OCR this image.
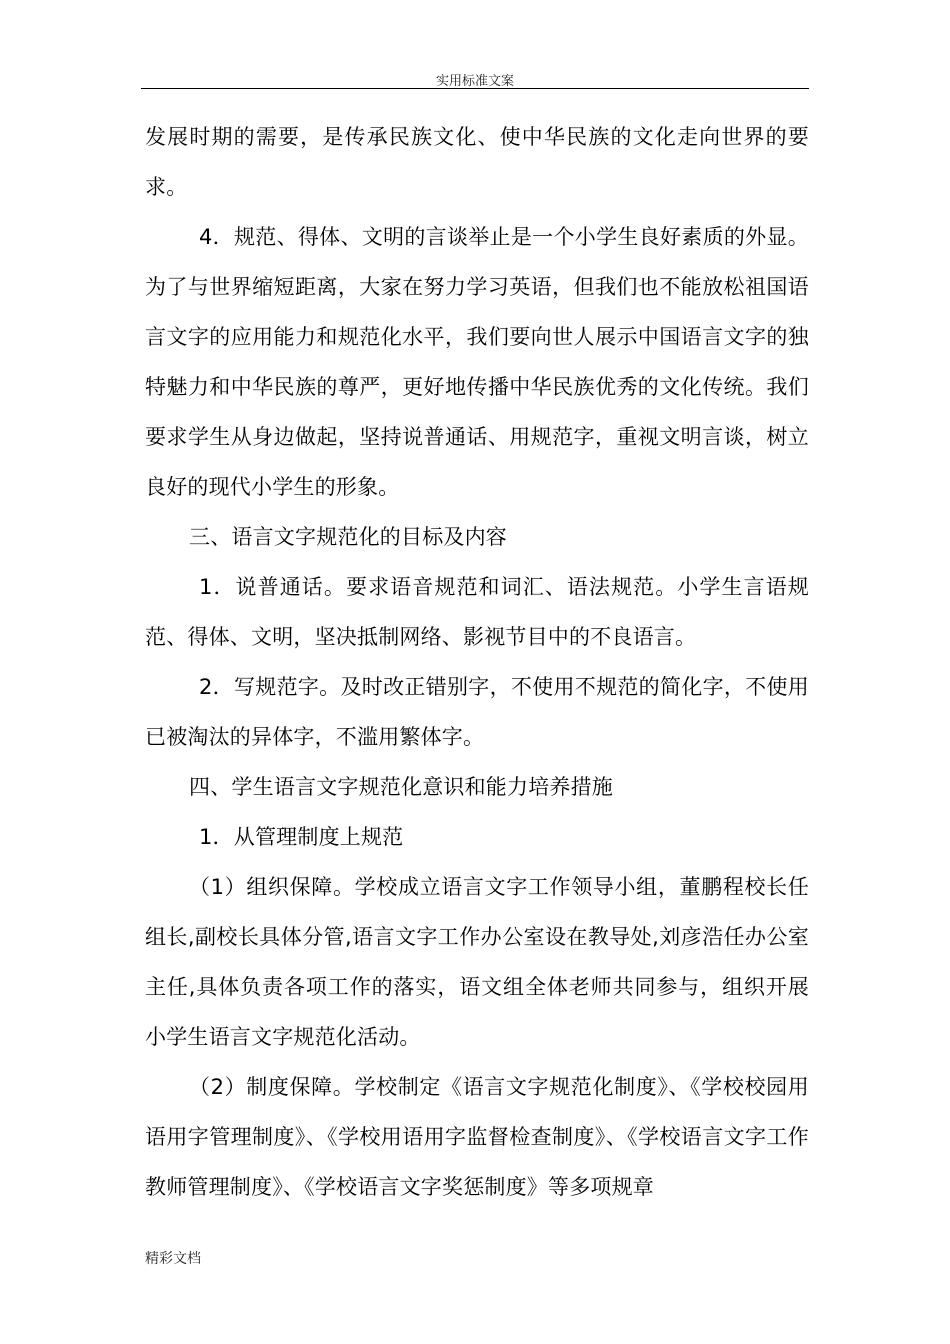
实用标准文案

发展时期的需要，是传承民族文化、使中华民族的文化走向世界的要求。

4．规范、得体、文明的言谈举止是一个小学生良好素质的外显。为了与世界缩短距离，大家在努力学习英语，但我们也不能放松祖国语言文字的应用能力和规范化水平，我们要向世人展示中国语言文字的独特魅力和中华民族的尊严，更好地传播中华民族优秀的文化传统。我们要求学生从身边做起，坚持说普通话、用规范字，重视文明言谈，树立良好的现代小学生的形象。

三、语言文字规范化的目标及内容

1．说普通话。要求语音规范和词汇、语法规范。小学生言语规范、得体、文明，坚决抵制网络、影视节目中的不良语言。

2．写规范字。及时改正错别字，不使用不规范的简化字，不使用已被淘汰的异体字，不滥用繁体字。

四、学生语言文字规范化意识和能力培养措施

1．从管理制度上规范

（1）组织保障。学校成立语言文字工作领导小组，董鹏程校长任组长,副校长具体分管,语言文字工作办公室设在教导处,刘彦浩任办公室主任,具体负责各项工作的落实，语文组全体老师共同参与，组织开展小学生语言文字规范化活动。

（2）制度保障。学校制定《语言文字规范化制度》、《学校校园用语用字管理制度》、《学校用语用字监督检查制度》、《学校语言文字工作教师管理制度》、《学校语言文字奖惩制度》等多项规章

精彩文档
